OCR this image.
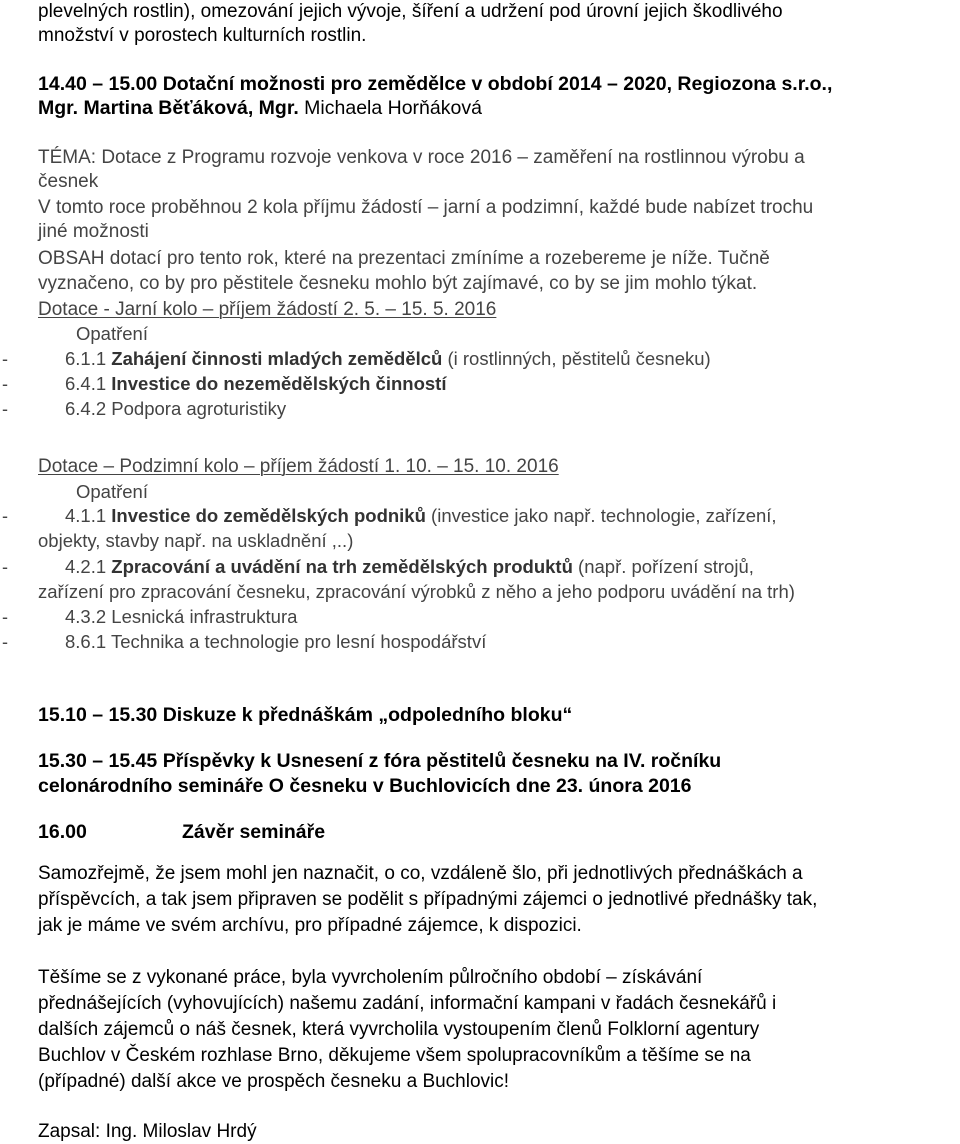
plevelných rostlin), omezování jejich vývoje, šíření a udržení pod úrovní jejich škodlivého
množství v porostech kulturních rostlin.
14.40 – 15.00 Dotační možnosti pro zemědělce v období 2014 – 2020, Regiozona s.r.o.,
Mgr. Martina Běťáková, Mgr. Michaela Horňáková
TÉMA: Dotace z Programu rozvoje venkova v roce 2016 – zaměření na rostlinnou výrobu a
česnek
V tomto roce proběhnou 2 kola příjmu žádostí – jarní a podzimní, každé bude nabízet trochu
jiné možnosti
OBSAH dotací pro tento rok, které na prezentaci zmíníme a rozebereme je níže. Tučně
vyznačeno, co by pro pěstitele česneku mohlo být zajímavé, co by se jim mohlo týkat.
Dotace - Jarní kolo – příjem žádostí 2. 5. – 15. 5. 2016
Opatření
-	6.1.1 Zahájení činnosti mladých zemědělců (i rostlinných, pěstitelů česneku)
-	6.4.1 Investice do nezemědělských činností
-	6.4.2 Podpora agroturistiky
Dotace – Podzimní kolo – příjem žádostí 1. 10. – 15. 10. 2016
Opatření
-	4.1.1 Investice do zemědělských podniků (investice jako např. technologie, zařízení,
objekty, stavby např. na uskladnění ,..)
-	4.2.1 Zpracování a uvádění na trh zemědělských produktů (např. pořízení strojů,
zařízení pro zpracování česneku, zpracování výrobků z něho a jeho podporu uvádění na trh)
-	4.3.2 Lesnická infrastruktura
-	8.6.1 Technika a technologie pro lesní hospodářství
15.10 – 15.30 Diskuze k přednáškám „odpoledního bloku“
15.30 – 15.45 Příspěvky k Usnesení z fóra pěstitelů česneku na IV. ročníku
celonárodního semináře O česneku v Buchlovicích dne 23. února 2016
16.00	Závěr semináře
Samozřejmě, že jsem mohl jen naznačit, o co, vzdáleně šlo, při jednotlivých přednáškách a
příspěvcích, a tak jsem připraven se podělit s případnými zájemci o jednotlivé přednášky tak,
jak je máme ve svém archívu, pro případné zájemce, k dispozici.
Těšíme se z vykonané práce, byla vyvrcholením půlročního období – získávání
přednášejících (vyhovujících) našemu zadání, informační kampani v řadách česnekářů i
dalších zájemců o náš česnek, která vyvrcholila vystoupením členů Folklorní agentury
Buchlov v Českém rozhlase Brno, děkujeme všem spolupracovníkům a těšíme se na
(případné) další akce ve prospěch česneku a Buchlovic!
Zapsal: Ing. Miloslav Hrdý
